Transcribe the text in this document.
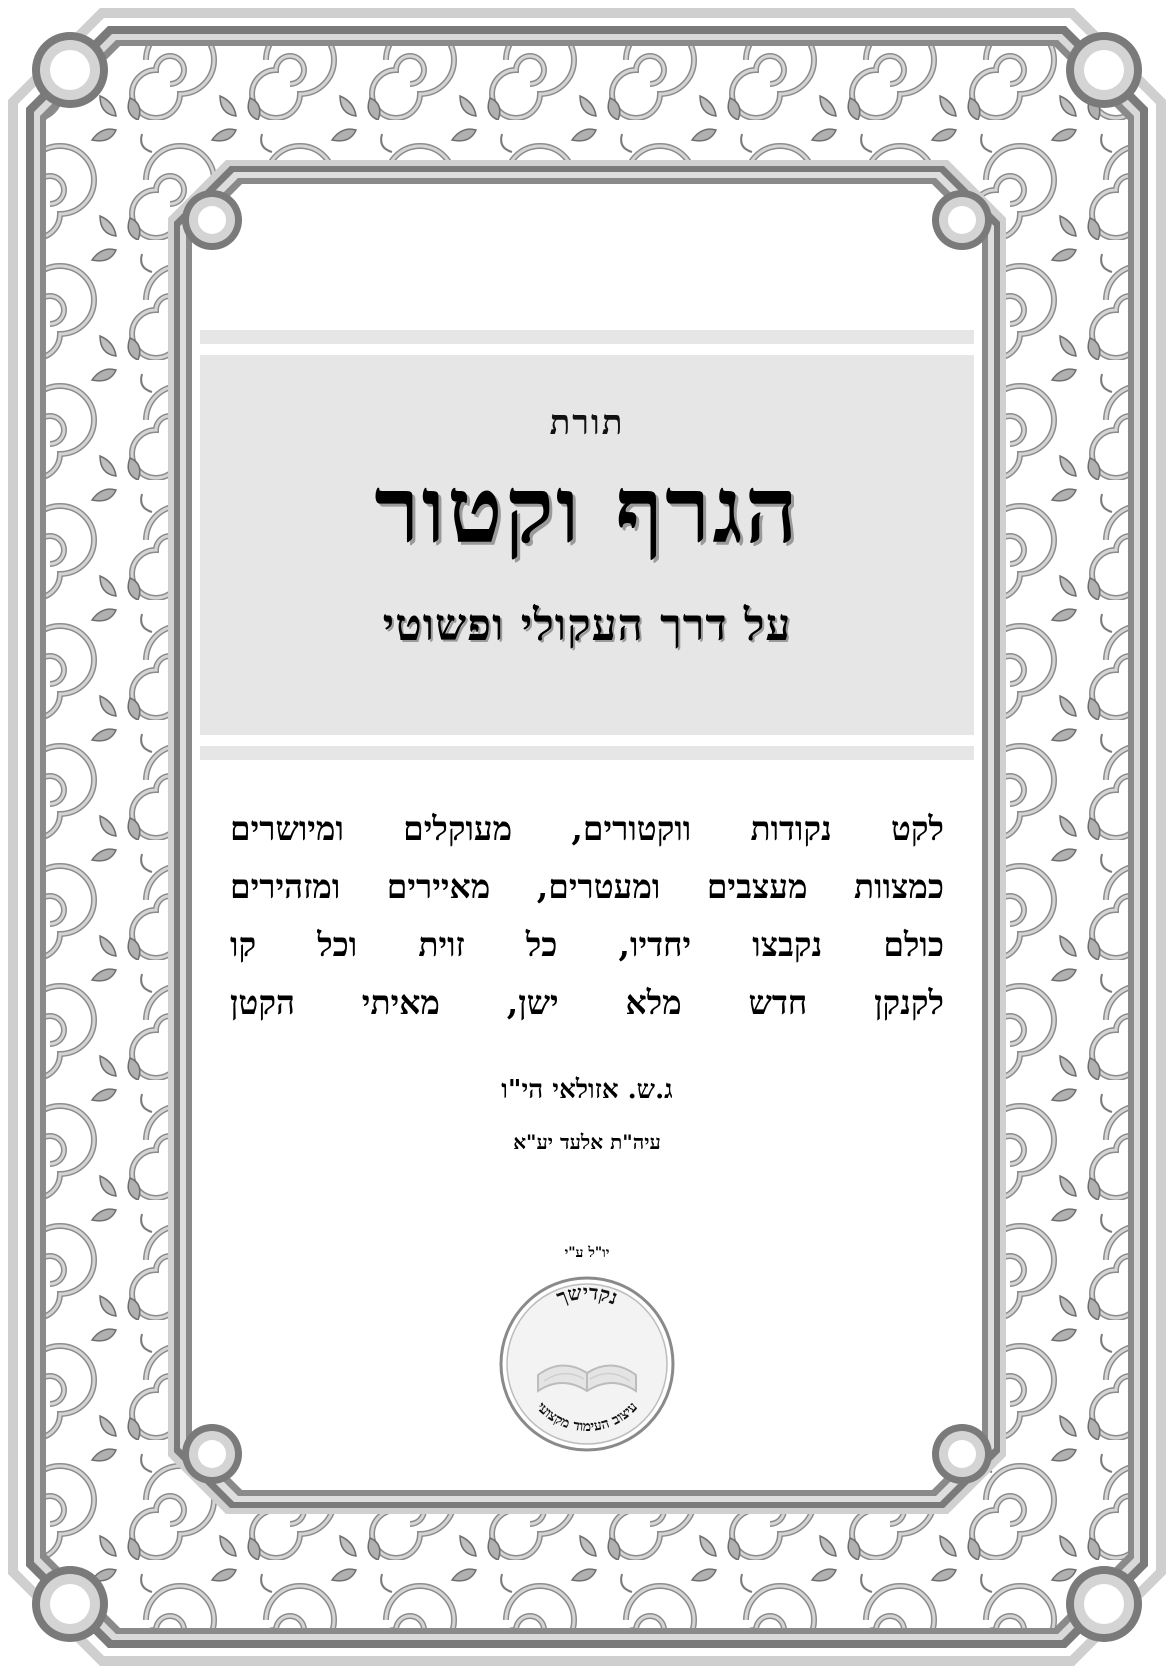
תורת
הגרף וקטור
על דרך העקולי ופשוטי
לקט נקודות ווקטורים, מעוקלים ומיושרים
כמצוות מעצבים ומעטרים, מאיירים ומזהירים
כולם נקבצו יחדיו, כל זוית וכל קו
לקנקן חדש מלא ישן, מאיתי הקטן
ג.ש. אזולאי הי"ו
עיה"ת אלעד יע"א
יו"ל ע"י
נקדישך
עיצוב העימוד מקצועי
